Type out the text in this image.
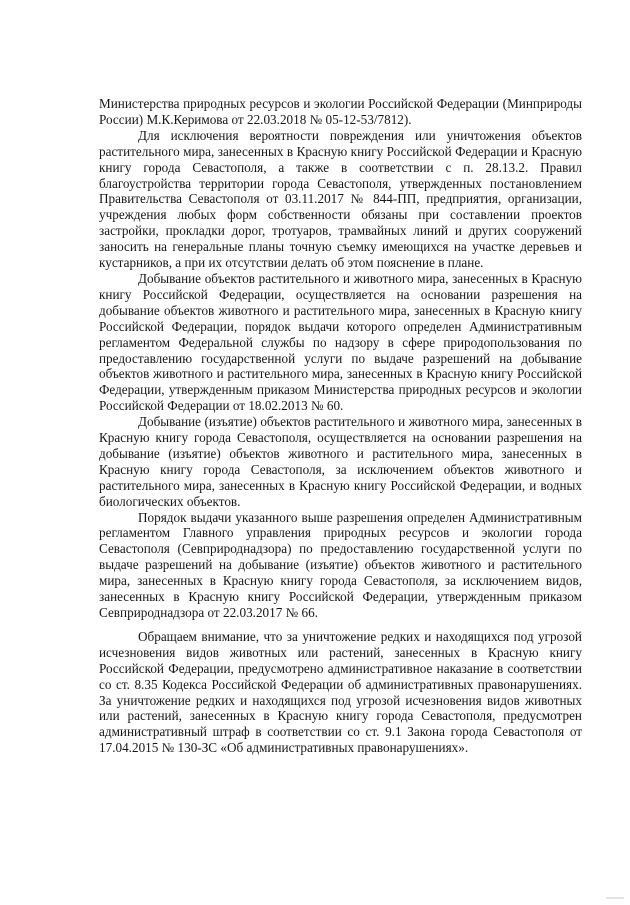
Министерства природных ресурсов и экологии Российской Федерации (Минприроды России) М.К.Керимова от 22.03.2018 № 05-12-53/7812).

Для исключения вероятности повреждения или уничтожения объектов растительного мира, занесенных в Красную книгу Российской Федерации и Красную книгу города Севастополя, а также в соответствии с п. 28.13.2. Правил благоустройства территории города Севастополя, утвержденных постановлением Правительства Севастополя от 03.11.2017 № 844-ПП, предприятия, организации, учреждения любых форм собственности обязаны при составлении проектов застройки, прокладки дорог, тротуаров, трамвайных линий и других сооружений заносить на генеральные планы точную съемку имеющихся на участке деревьев и кустарников, а при их отсутствии делать об этом пояснение в плане.

Добывание объектов растительного и животного мира, занесенных в Красную книгу Российской Федерации, осуществляется на основании разрешения на добывание объектов животного и растительного мира, занесенных в Красную книгу Российской Федерации, порядок выдачи которого определен Административным регламентом Федеральной службы по надзору в сфере природопользования по предоставлению государственной услуги по выдаче разрешений на добывание объектов животного и растительного мира, занесенных в Красную книгу Российской Федерации, утвержденным приказом Министерства природных ресурсов и экологии Российской Федерации от 18.02.2013 № 60.

Добывание (изъятие) объектов растительного и животного мира, занесенных в Красную книгу города Севастополя, осуществляется на основании разрешения на добывание (изъятие) объектов животного и растительного мира, занесенных в Красную книгу города Севастополя, за исключением объектов животного и растительного мира, занесенных в Красную книгу Российской Федерации, и водных биологических объектов.

Порядок выдачи указанного выше разрешения определен Административным регламентом Главного управления природных ресурсов и экологии города Севастополя (Севприроднадзора) по предоставлению государственной услуги по выдаче разрешений на добывание (изъятие) объектов животного и растительного мира, занесенных в Красную книгу города Севастополя, за исключением видов, занесенных в Красную книгу Российской Федерации, утвержденным приказом Севприроднадзора от 22.03.2017 № 66.

Обращаем внимание, что за уничтожение редких и находящихся под угрозой исчезновения видов животных или растений, занесенных в Красную книгу Российской Федерации, предусмотрено административное наказание в соответствии со ст. 8.35 Кодекса Российской Федерации об административных правонарушениях. За уничтожение редких и находящихся под угрозой исчезновения видов животных или растений, занесенных в Красную книгу города Севастополя, предусмотрен административный штраф в соответствии со ст. 9.1 Закона города Севастополя от 17.04.2015 № 130-ЗС «Об административных правонарушениях».
